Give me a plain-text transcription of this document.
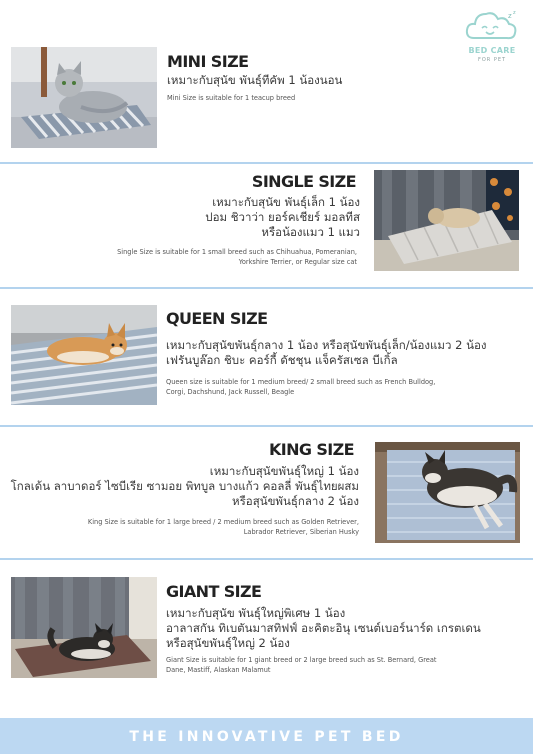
z z
BED CARE
FOR PET
MINI SIZE
เหมาะกับสุนัข พันธุ์ทีคัพ 1 น้องนอน
Mini Size is suitable for 1 teacup breed
SINGLE SIZE
เหมาะกับสุนัข พันธุ์เล็ก 1 น้อง
ปอม ชิวาว่า ยอร์คเชียร์ มอลทีส
หรือน้องแมว 1 แมว
Single Size is suitable for 1 small breed such as Chihuahua, Pomeranian,
Yorkshire Terrier, or Regular size cat
QUEEN SIZE
เหมาะกับสุนัขพันธุ์กลาง 1 น้อง หรือสุนัขพันธุ์เล็ก/น้องแมว 2 น้อง
เฟรันบูล๊อก ชิบะ คอร์กี้ ดัชชุน แจ็ครัสเซล บีเกิ้ล
Queen size is suitable for 1 medium breed/ 2 small breed such as French Bulldog,
Corgi, Dachshund, Jack Russell, Beagle
KING SIZE
เหมาะกับสุนัขพันธุ์ใหญ่ 1 น้อง
โกลเด้น ลาบาดอร์ ไซบีเรีย ซามอย พิทบูล บางแก้ว คอลลี่ พันธุ์ไทยผสม
หรือสุนัขพันธุ์กลาง 2 น้อง
King Size is suitable for 1 large breed / 2 medium breed such as Golden Retriever,
Labrador Retriever, Siberian Husky
GIANT SIZE
เหมาะกับสุนัข พันธุ์ใหญ่พิเศษ 1 น้อง
อาลาสกัน ทิเบตันมาสทิฟฟ์ อะคิตะอินุ เซนต์เบอร์นาร์ด เกรตเดน
หรือสุนัขพันธุ์ใหญ่ 2 น้อง
Giant Size is suitable for 1 giant breed or 2 large breed such as St. Bernard, Great
Dane, Mastiff, Alaskan Malamut
THE INNOVATIVE PET BED
